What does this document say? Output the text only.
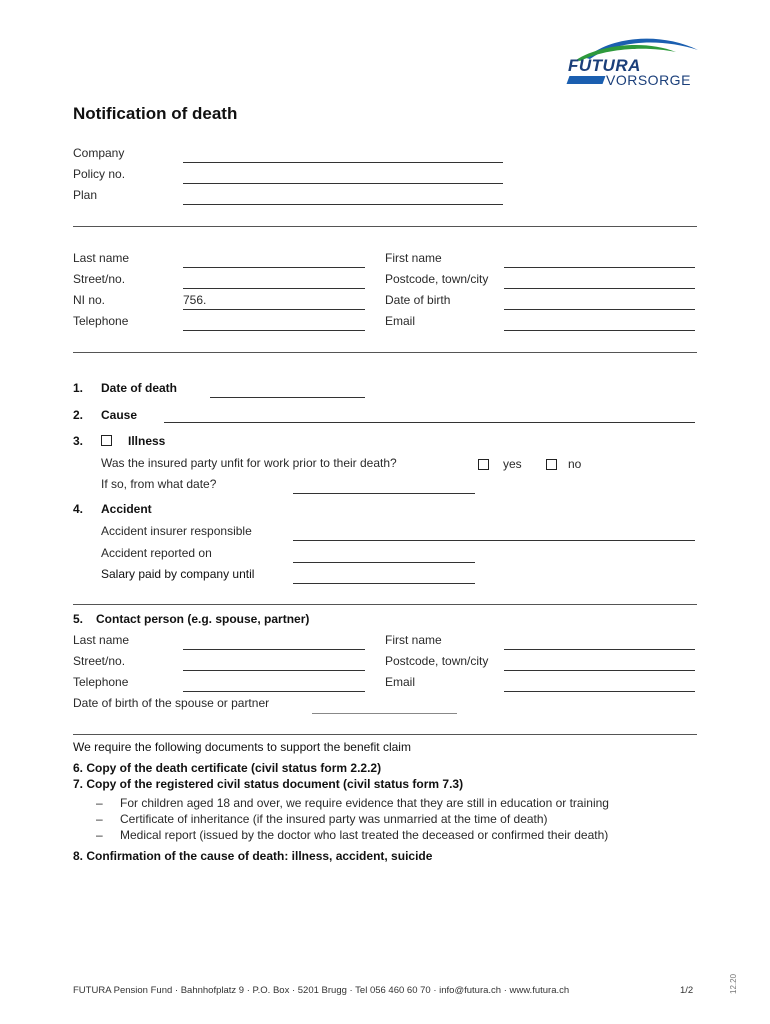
FUTURA
VORSORGE
Notification of death
Company
Policy no.
Plan
Last name	First name
Street/no.	Postcode, town/city
NI no.	756.	Date of birth
Telephone	Email
1. Date of death
2. Cause
3.	Illness
Was the insured party unfit for work prior to their death?	yes	no
If so, from what date?
4. Accident
Accident insurer responsible
Accident reported on
Salary paid by company until
5. Contact person (e.g. spouse, partner)
Last name	First name
Street/no.	Postcode, town/city
Telephone	Email
Date of birth of the spouse or partner
We require the following documents to support the benefit claim
6. Copy of the death certificate (civil status form 2.2.2)
7. Copy of the registered civil status document (civil status form 7.3)
– For children aged 18 and over, we require evidence that they are still in education or training
– Certificate of inheritance (if the insured party was unmarried at the time of death)
– Medical report (issued by the doctor who last treated the deceased or confirmed their death)
8. Confirmation of the cause of death: illness, accident, suicide
FUTURA Pension Fund · Bahnhofplatz 9 · P.O. Box · 5201 Brugg · Tel 056 460 60 70 · info@futura.ch · www.futura.ch	1/2	12.20
